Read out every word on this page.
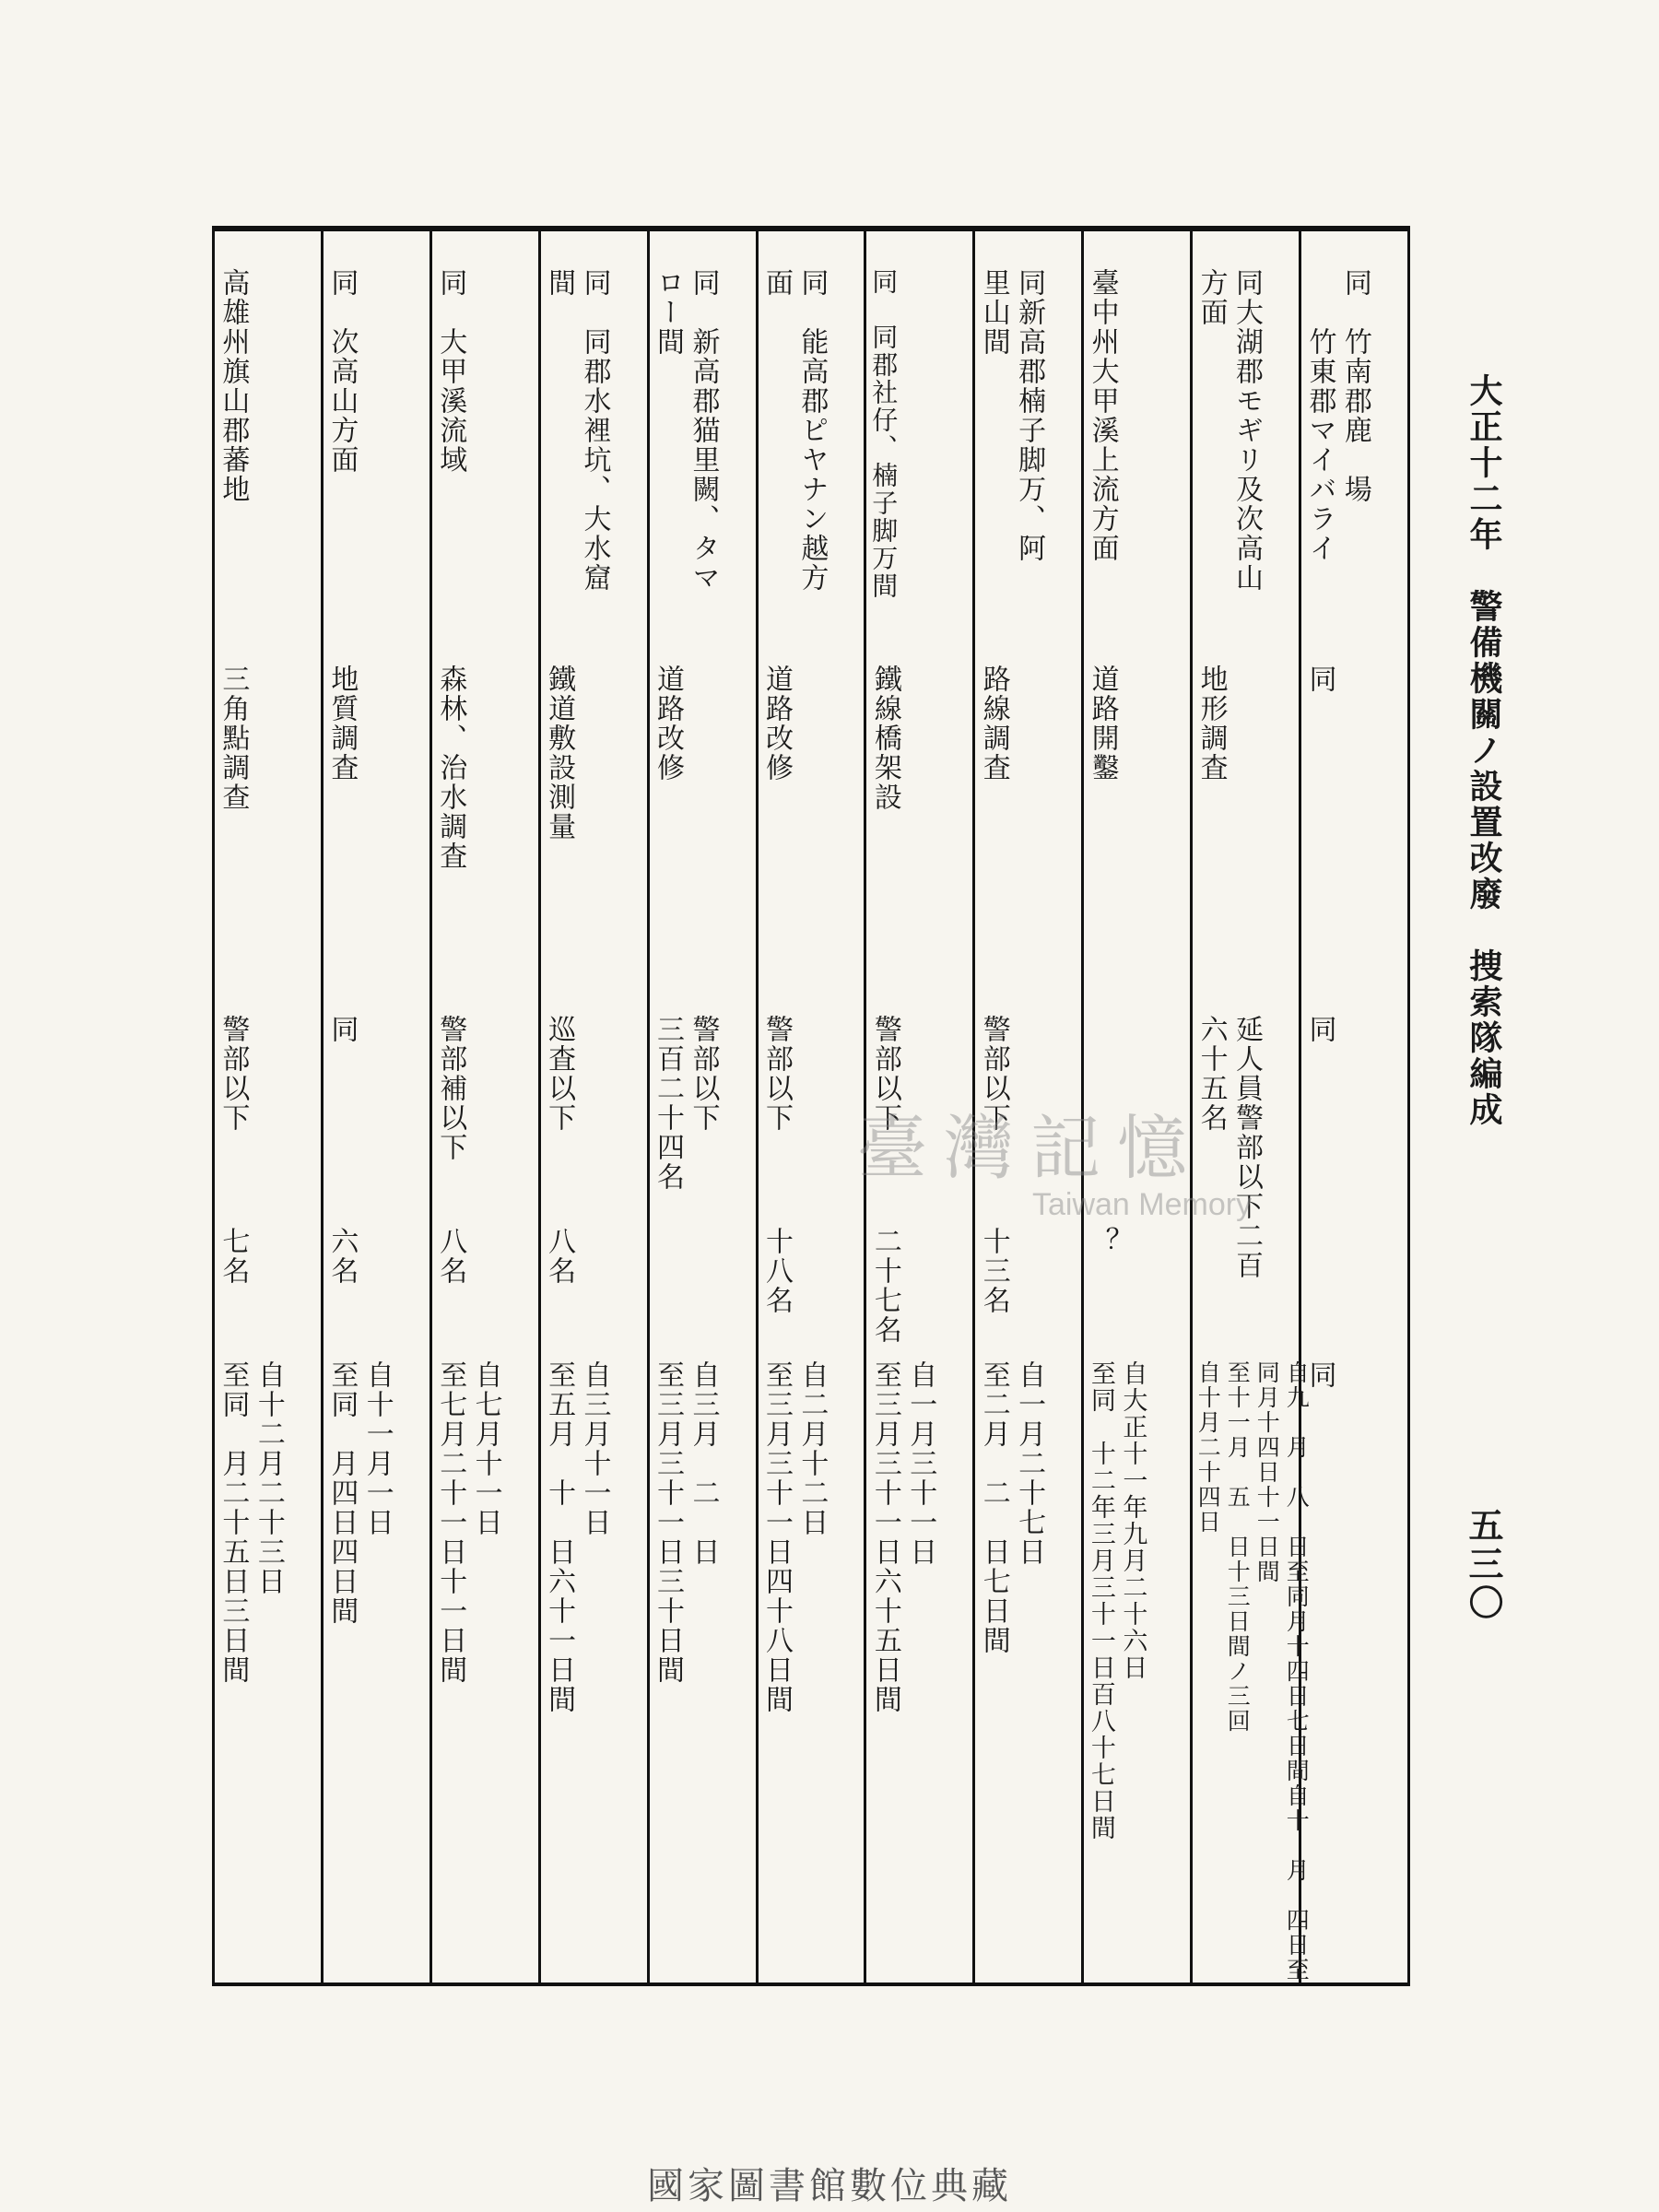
大正十二年　警備機關ノ設置改廢　捜索隊編成
五三〇
同　竹南郡鹿　場
　　竹東郡マイバライ
同
同
同
同大湖郡モギリ及次高山
方面
地形調査
延人員警部以下二百
六十五名
自九　月　八　日至同月十四日七日間自十　月　四日至同月十四日十一日間
至十一月　五　日十三日間ノ三回
自十月二十四日
臺中州大甲溪上流方面
道路開鑿
？
自大正十一年九月二十六日
至同　十二年三月三十一日百八十七日間
同新高郡楠子脚万、阿
里山間
路線調査
警部以下
十三名
自一月二十七日
至二月　二　日七日間
同　同郡社仔、楠子脚万間
鐵線橋架設
警部以下
二十七名
自一月三十一日
至三月三十一日六十五日間
同　能高郡ピヤナン越方
面
道路改修
警部以下
十八名
自二月十二日
至三月三十一日四十八日間
同　新高郡猫里闕、タマ
ロー間
道路改修
警部以下
三百二十四名
自三月　二　日
至三月三十一日三十日間
同　同郡水裡坑、大水窟
間
鐵道敷設測量
巡査以下
八名
自三月十一日
至五月　十　日六十一日間
同　大甲溪流域
森林、治水調査
警部補以下
八名
自七月十一日
至七月二十一日十一日間
同　次高山方面
地質調査
同
六名
自十一月一日
至同　月四日四日間
高雄州旗山郡蕃地
三角點調查
警部以下
七名
自十二月二十三日
至同　月二十五日三日間
臺灣記憶
Taiwan Memory
國家圖書館數位典藏
